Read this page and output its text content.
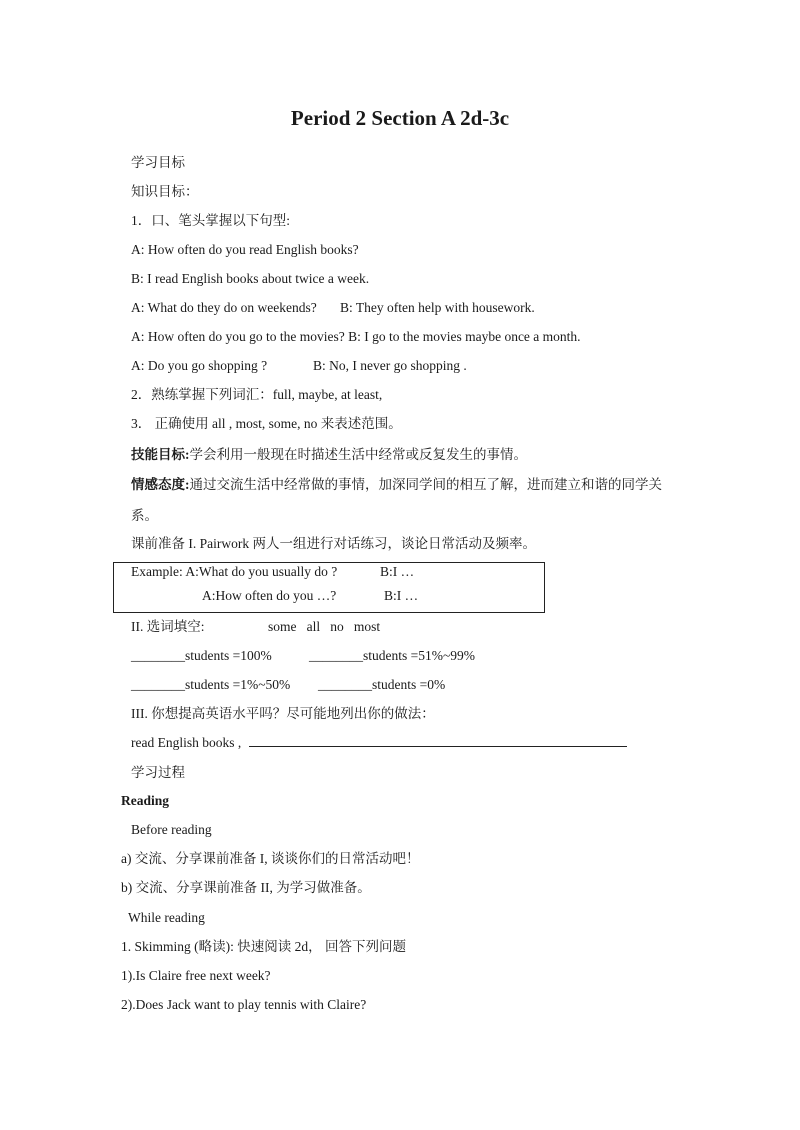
Period 2 Section A 2d-3c
学习目标
知识目标：
1．口、笔头掌握以下句型:
A: How often do you read English books?
B: I read English books about twice a week.
A: What do they do on weekends? B: They often help with housework.
A: How often do you go to the movies? B: I go to the movies maybe once a month.
A: Do you go shopping ?	B: No, I never go shopping .
2．熟练掌握下列词汇：full, maybe, at least,
3． 正确使用 all , most, some, no 来表述范围。
技能目标:学会利用一般现在时描述生活中经常或反复发生的事情。
情感态度:通过交流生活中经常做的事情，加深同学间的相互了解，进而建立和谐的同学关
系。
课前准备 I. Pairwork 两人一组进行对话练习，谈论日常活动及频率。
Example: A:What do you usually do ?	B:I …
A:How often do you …?	B:I …
II. 选词填空:	some   all   no   most
________students =100%	________students =51%~99%
________students =1%~50% ________students =0%
III. 你想提高英语水平吗？尽可能地列出你的做法：
read English books ,
学习过程
Reading
Before reading
a) 交流、分享课前准备 I, 谈谈你们的日常活动吧！
b) 交流、分享课前准备 II, 为学习做准备。
While reading
1. Skimming (略读): 快速阅读 2d， 回答下列问题
1).Is Claire free next week?
2).Does Jack want to play tennis with Claire?
